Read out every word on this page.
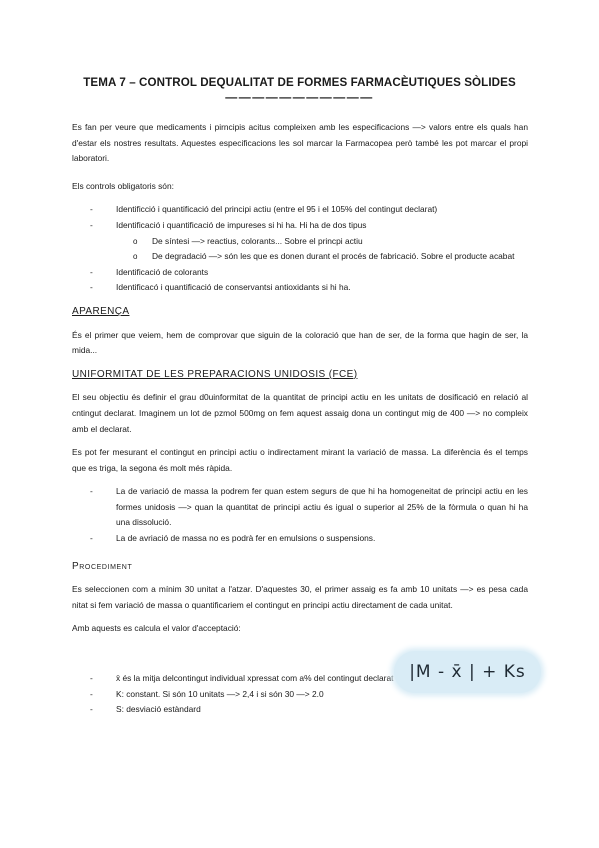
TEMA 7 – CONTROL DEQUALITAT DE FORMES FARMACÈUTIQUES SÒLIDES
———————————

Es fan per veure que medicaments i pirncipis acitus compleixen amb les especificacions —> valors entre els quals han d'estar els nostres resultats. Aquestes especificacions les sol marcar la Farmacopea però també les pot marcar el propi laboratori.

Els controls obligatoris són:

- Identificció i quantificació del principi actiu (entre el 95 i el 105% del contingut declarat)
- Identificació i quantificació de impureses si hi ha. Hi ha de dos tipus
o De síntesi —> reactius, colorants... Sobre el princpi actiu
o De degradació —> són les que es donen durant el procés de fabricació. Sobre el producte acabat
- Identificació de colorants
- Identificacó i quantificació de conservantsi antioxidants si hi ha.

APARENÇA

És el primer que veiem, hem de comprovar que siguin de la coloració que han de ser, de la forma que hagin de ser, la mida...

UNIFORMITAT DE LES PREPARACIONS UNIDOSIS (FCE)

El seu objectiu és definir el grau d0uinformitat de la quantitat de principi actiu en les unitats de dosificació en relació al cntingut declarat. Imaginem un lot de pzmol 500mg on fem aquest assaig dona un contingut mig de 400 —> no compleix amb el declarat.

Es pot fer mesurant el contingut en principi actiu o indirectament mirant la variació de massa. La diferència és el temps que es triga, la segona és molt més ràpida.

- La de variació de massa la podrem fer quan estem segurs de que hi ha homogeneitat de principi actiu en les formes unidosis —> quan la quantitat de principi actiu és igual o superior al 25% de la fòrmula o quan hi ha una dissolució.
- La de avriació de massa no es podrà fer en emulsions o suspensions.

Procediment

Es seleccionen com a mínim 30 unitat a l'atzar. D'aquestes 30, el primer assaig es fa amb 10 unitats —> es pesa cada nitat si fem variació de massa o quantificariem el contingut en principi actiu directament de cada unitat.

Amb aquests es calcula el valor d'acceptació:

- x̄ és la mitja delcontingut individual xpressat com a% del contingut declarat
- K: constant. Si són 10 unitats —> 2,4 i si són 30 —> 2.0
- S: desviació estàndard
|M - x̄ | + Ks
